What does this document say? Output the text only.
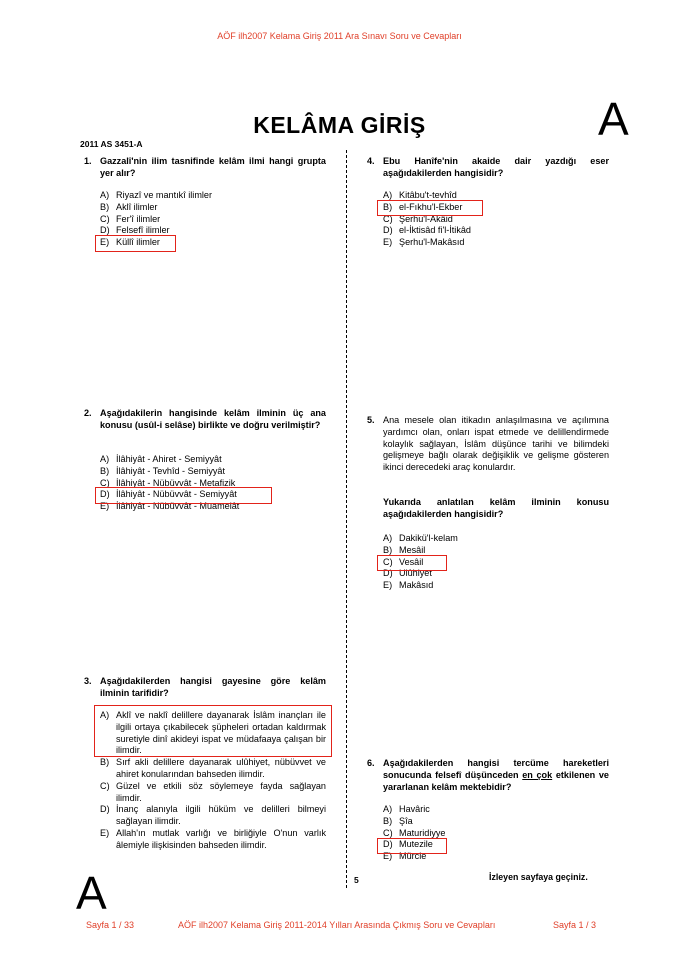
AÖF ilh2007 Kelama Giriş 2011 Ara Sınavı Soru ve Cevapları
KELÂMA GİRİŞ	A
2011 AS 3451-A
1. Gazzalî'nin ilim tasnifinde kelâm ilmi hangi grupta yer alır?
A) Riyazî ve mantıkî ilimler
B) Aklî ilimler
C) Fer'î ilimler
D) Felsefî ilimler
E) Küllî ilimler
2. Aşağıdakilerin hangisinde kelâm ilminin üç ana konusu (usûl-i selâse) birlikte ve doğru verilmiştir?
A) İlâhiyât - Ahiret - Semiyyât
B) İlâhiyât - Tevhîd - Semiyyât
C) İlâhiyât - Nübüvvât - Metafizik
D) İlâhiyât - Nübüvvât - Semiyyât
E) İlâhiyât - Nübüvvât - Muamelât
3. Aşağıdakilerden hangisi gayesine göre kelâm ilminin tarifidir?
A) Aklî ve naklî delillere dayanarak İslâm inançları ile ilgili ortaya çıkabilecek şüpheleri ortadan kaldırmak suretiyle dinî akideyi ispat ve müdafaaya çalışan bir ilimdir.
B) Sırf akli delillere dayanarak ulûhiyet, nübüvvet ve ahiret konularından bahseden ilimdir.
C) Güzel ve etkili söz söylemeye fayda sağlayan ilimdir.
D) İnanç alanıyla ilgili hüküm ve delilleri bilmeyi sağlayan ilimdir.
E) Allah'ın mutlak varlığı ve birliğiyle O'nun varlık âlemiyle ilişkisinden bahseden ilimdir.
4. Ebu Hanîfe'nin akaide dair yazdığı eser aşağıdakilerden hangisidir?
A) Kitâbu't-tevhîd
B) el-Fıkhu'l-Ekber
C) Şerhu'l-Akâid
D) el-İktisâd fi'l-İtikâd
E) Şerhu'l-Makâsıd
5. Ana mesele olan itikadın anlaşılmasına ve açılımına yardımcı olan, onları ispat etmede ve delillendirmede kolaylık sağlayan, İslâm düşünce tarihi ve bilimdeki gelişmeye bağlı olarak değişiklik ve gelişme gösteren ikinci derecedeki araç konulardır.
Yukarıda anlatılan kelâm ilminin konusu aşağıdakilerden hangisidir?
A) Dakikü'l-kelam
B) Mesâil
C) Vesâil
D) Ulûhiyet
E) Makâsıd
6. Aşağıdakilerden hangisi tercüme hareketleri sonucunda felsefî düşünceden en çok etkilenen ve yararlanan kelâm mektebidir?
A) Havâric
B) Şîa
C) Maturidiyye
D) Mutezile
E) Mürcie
A	5	İzleyen sayfaya geçiniz.
Sayfa 1 / 33	AÖF ilh2007 Kelama Giriş 2011-2014 Yılları Arasında Çıkmış Soru ve Cevapları	Sayfa 1 / 3
